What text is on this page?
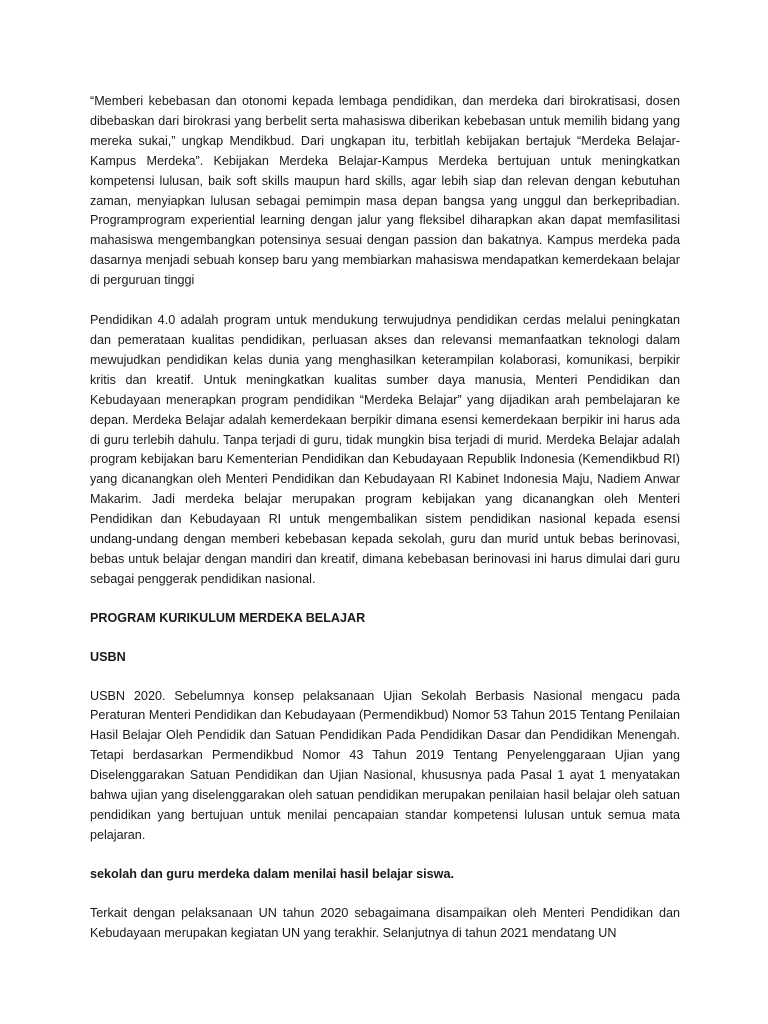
“Memberi kebebasan dan otonomi kepada lembaga pendidikan, dan merdeka dari birokratisasi, dosen dibebaskan dari birokrasi yang berbelit serta mahasiswa diberikan kebebasan untuk memilih bidang yang mereka sukai,” ungkap Mendikbud. Dari ungkapan itu, terbitlah kebijakan bertajuk “Merdeka Belajar-Kampus Merdeka”. Kebijakan Merdeka Belajar-Kampus Merdeka bertujuan untuk meningkatkan kompetensi lulusan, baik soft skills maupun hard skills, agar lebih siap dan relevan dengan kebutuhan zaman, menyiapkan lulusan sebagai pemimpin masa depan bangsa yang unggul dan berkepribadian. Programprogram experiential learning dengan jalur yang fleksibel diharapkan akan dapat memfasilitasi mahasiswa mengembangkan potensinya sesuai dengan passion dan bakatnya. Kampus merdeka pada dasarnya menjadi sebuah konsep baru yang membiarkan mahasiswa mendapatkan kemerdekaan belajar di perguruan tinggi

Pendidikan 4.0 adalah program untuk mendukung terwujudnya pendidikan cerdas melalui peningkatan dan pemerataan kualitas pendidikan, perluasan akses dan relevansi memanfaatkan teknologi dalam mewujudkan pendidikan kelas dunia yang menghasilkan keterampilan kolaborasi, komunikasi, berpikir kritis dan kreatif. Untuk meningkatkan kualitas sumber daya manusia, Menteri Pendidikan dan Kebudayaan menerapkan program pendidikan “Merdeka Belajar” yang dijadikan arah pembelajaran ke depan. Merdeka Belajar adalah kemerdekaan berpikir dimana esensi kemerdekaan berpikir ini harus ada di guru terlebih dahulu. Tanpa terjadi di guru, tidak mungkin bisa terjadi di murid. Merdeka Belajar adalah program kebijakan baru Kementerian Pendidikan dan Kebudayaan Republik Indonesia (Kemendikbud RI) yang dicanangkan oleh Menteri Pendidikan dan Kebudayaan RI Kabinet Indonesia Maju, Nadiem Anwar Makarim. Jadi merdeka belajar merupakan program kebijakan yang dicanangkan oleh Menteri Pendidikan dan Kebudayaan RI untuk mengembalikan sistem pendidikan nasional kepada esensi undang-undang dengan memberi kebebasan kepada sekolah, guru dan murid untuk bebas berinovasi, bebas untuk belajar dengan mandiri dan kreatif, dimana kebebasan berinovasi ini harus dimulai dari guru sebagai penggerak pendidikan nasional.

PROGRAM KURIKULUM MERDEKA BELAJAR

USBN

USBN 2020. Sebelumnya konsep pelaksanaan Ujian Sekolah Berbasis Nasional mengacu pada Peraturan Menteri Pendidikan dan Kebudayaan (Permendikbud) Nomor 53 Tahun 2015 Tentang Penilaian Hasil Belajar Oleh Pendidik dan Satuan Pendidikan Pada Pendidikan Dasar dan Pendidikan Menengah. Tetapi berdasarkan Permendikbud Nomor 43 Tahun 2019 Tentang Penyelenggaraan Ujian yang Diselenggarakan Satuan Pendidikan dan Ujian Nasional, khususnya pada Pasal 1 ayat 1 menyatakan bahwa ujian yang diselenggarakan oleh satuan pendidikan merupakan penilaian hasil belajar oleh satuan pendidikan yang bertujuan untuk menilai pencapaian standar kompetensi lulusan untuk semua mata pelajaran.

sekolah dan guru merdeka dalam menilai hasil belajar siswa.

Terkait dengan pelaksanaan UN tahun 2020 sebagaimana disampaikan oleh Menteri Pendidikan dan Kebudayaan merupakan kegiatan UN yang terakhir. Selanjutnya di tahun 2021 mendatang UN
